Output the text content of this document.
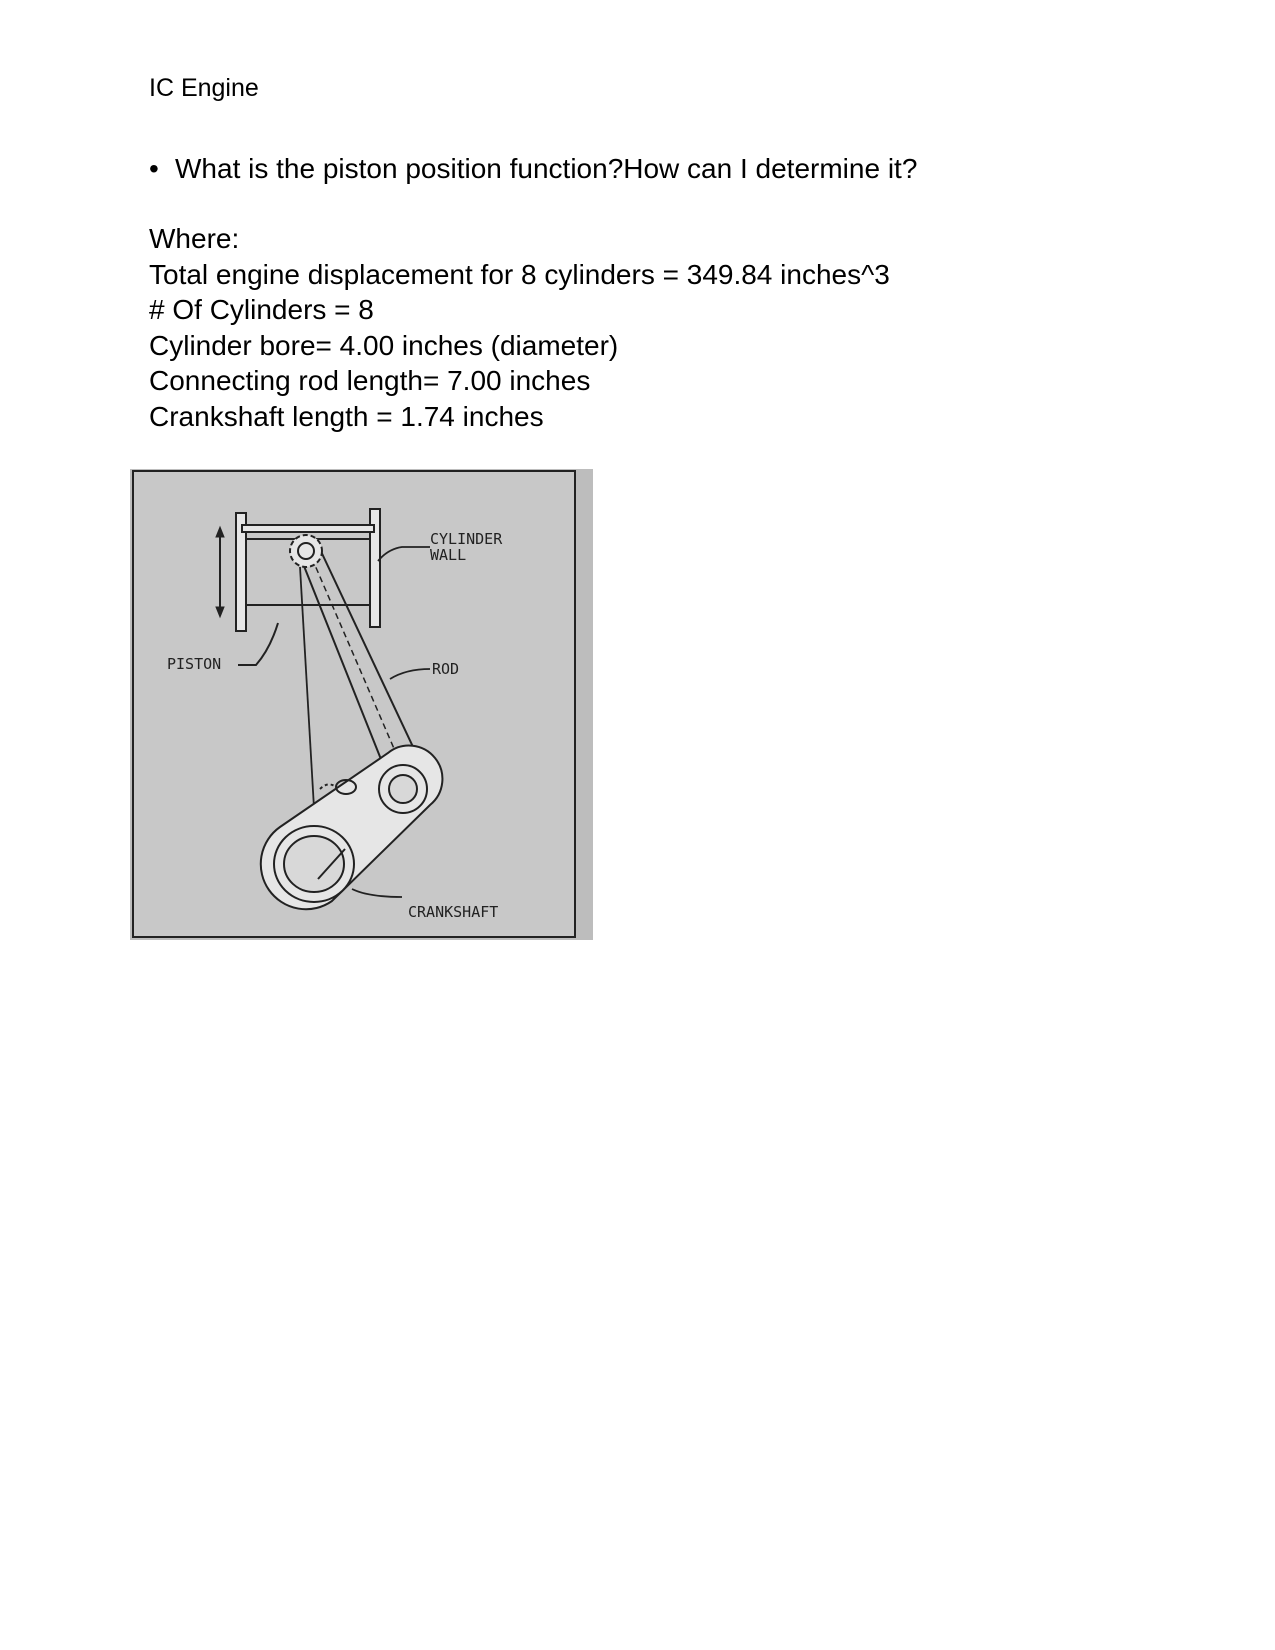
IC Engine
• What is the piston position function?How can I determine it?
Where:
Total engine displacement for 8 cylinders = 349.84 inches^3
# Of Cylinders = 8
Cylinder bore= 4.00 inches (diameter)
Connecting rod length= 7.00 inches
Crankshaft length = 1.74 inches
CYLINDER
WALL
PISTON	ROD
CRANKSHAFT
